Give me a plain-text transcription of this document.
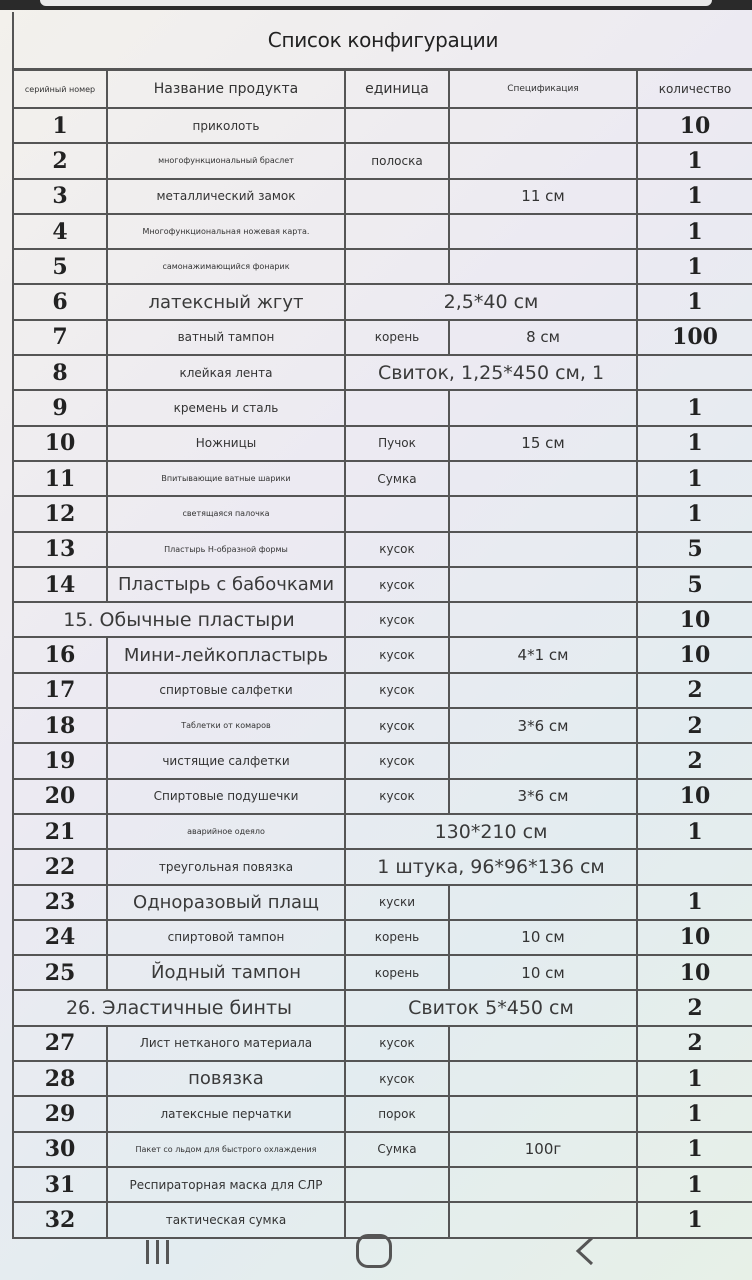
Список конфигурации
серийный номер	Название продукта	единица	Спецификация	количество
1	приколоть			10
2	многофункциональный браслет	полоска		1
3	металлический замок		11 см	1
4	Многофункциональная ножевая карта.			1
5	самонажимающийся фонарик			1
6	латексный жгут	2,5*40 см		1
7	ватный тампон	корень	8 см	100
8	клейкая лента	Свиток, 1,25*450 см, 1		
9	кремень и сталь			1
10	Ножницы	Пучок	15 см	1
11	Впитывающие ватные шарики	Сумка		1
12	светящаяся палочка			1
13	Пластырь Н-образной формы	кусок		5
14	Пластырь с бабочками	кусок		5
15. Обычные пластыри		кусок		10
16	Мини-лейкопластырь	кусок	4*1 см	10
17	спиртовые салфетки	кусок		2
18	Таблетки от комаров	кусок	3*6 см	2
19	чистящие салфетки	кусок		2
20	Спиртовые подушечки	кусок	3*6 см	10
21	аварийное одеяло	130*210 см		1
22	треугольная повязка	1 штука, 96*96*136 см		
23	Одноразовый плащ	куски		1
24	спиртовой тампон	корень	10 см	10
25	Йодный тампон	корень	10 см	10
26. Эластичные бинты		Свиток 5*450 см		2
27	Лист нетканого материала	кусок		2
28	повязка	кусок		1
29	латексные перчатки	порок		1
30	Пакет со льдом для быстрого охлаждения	Сумка	100г	1
31	Респираторная маска для СЛР			1
32	тактическая сумка			1
